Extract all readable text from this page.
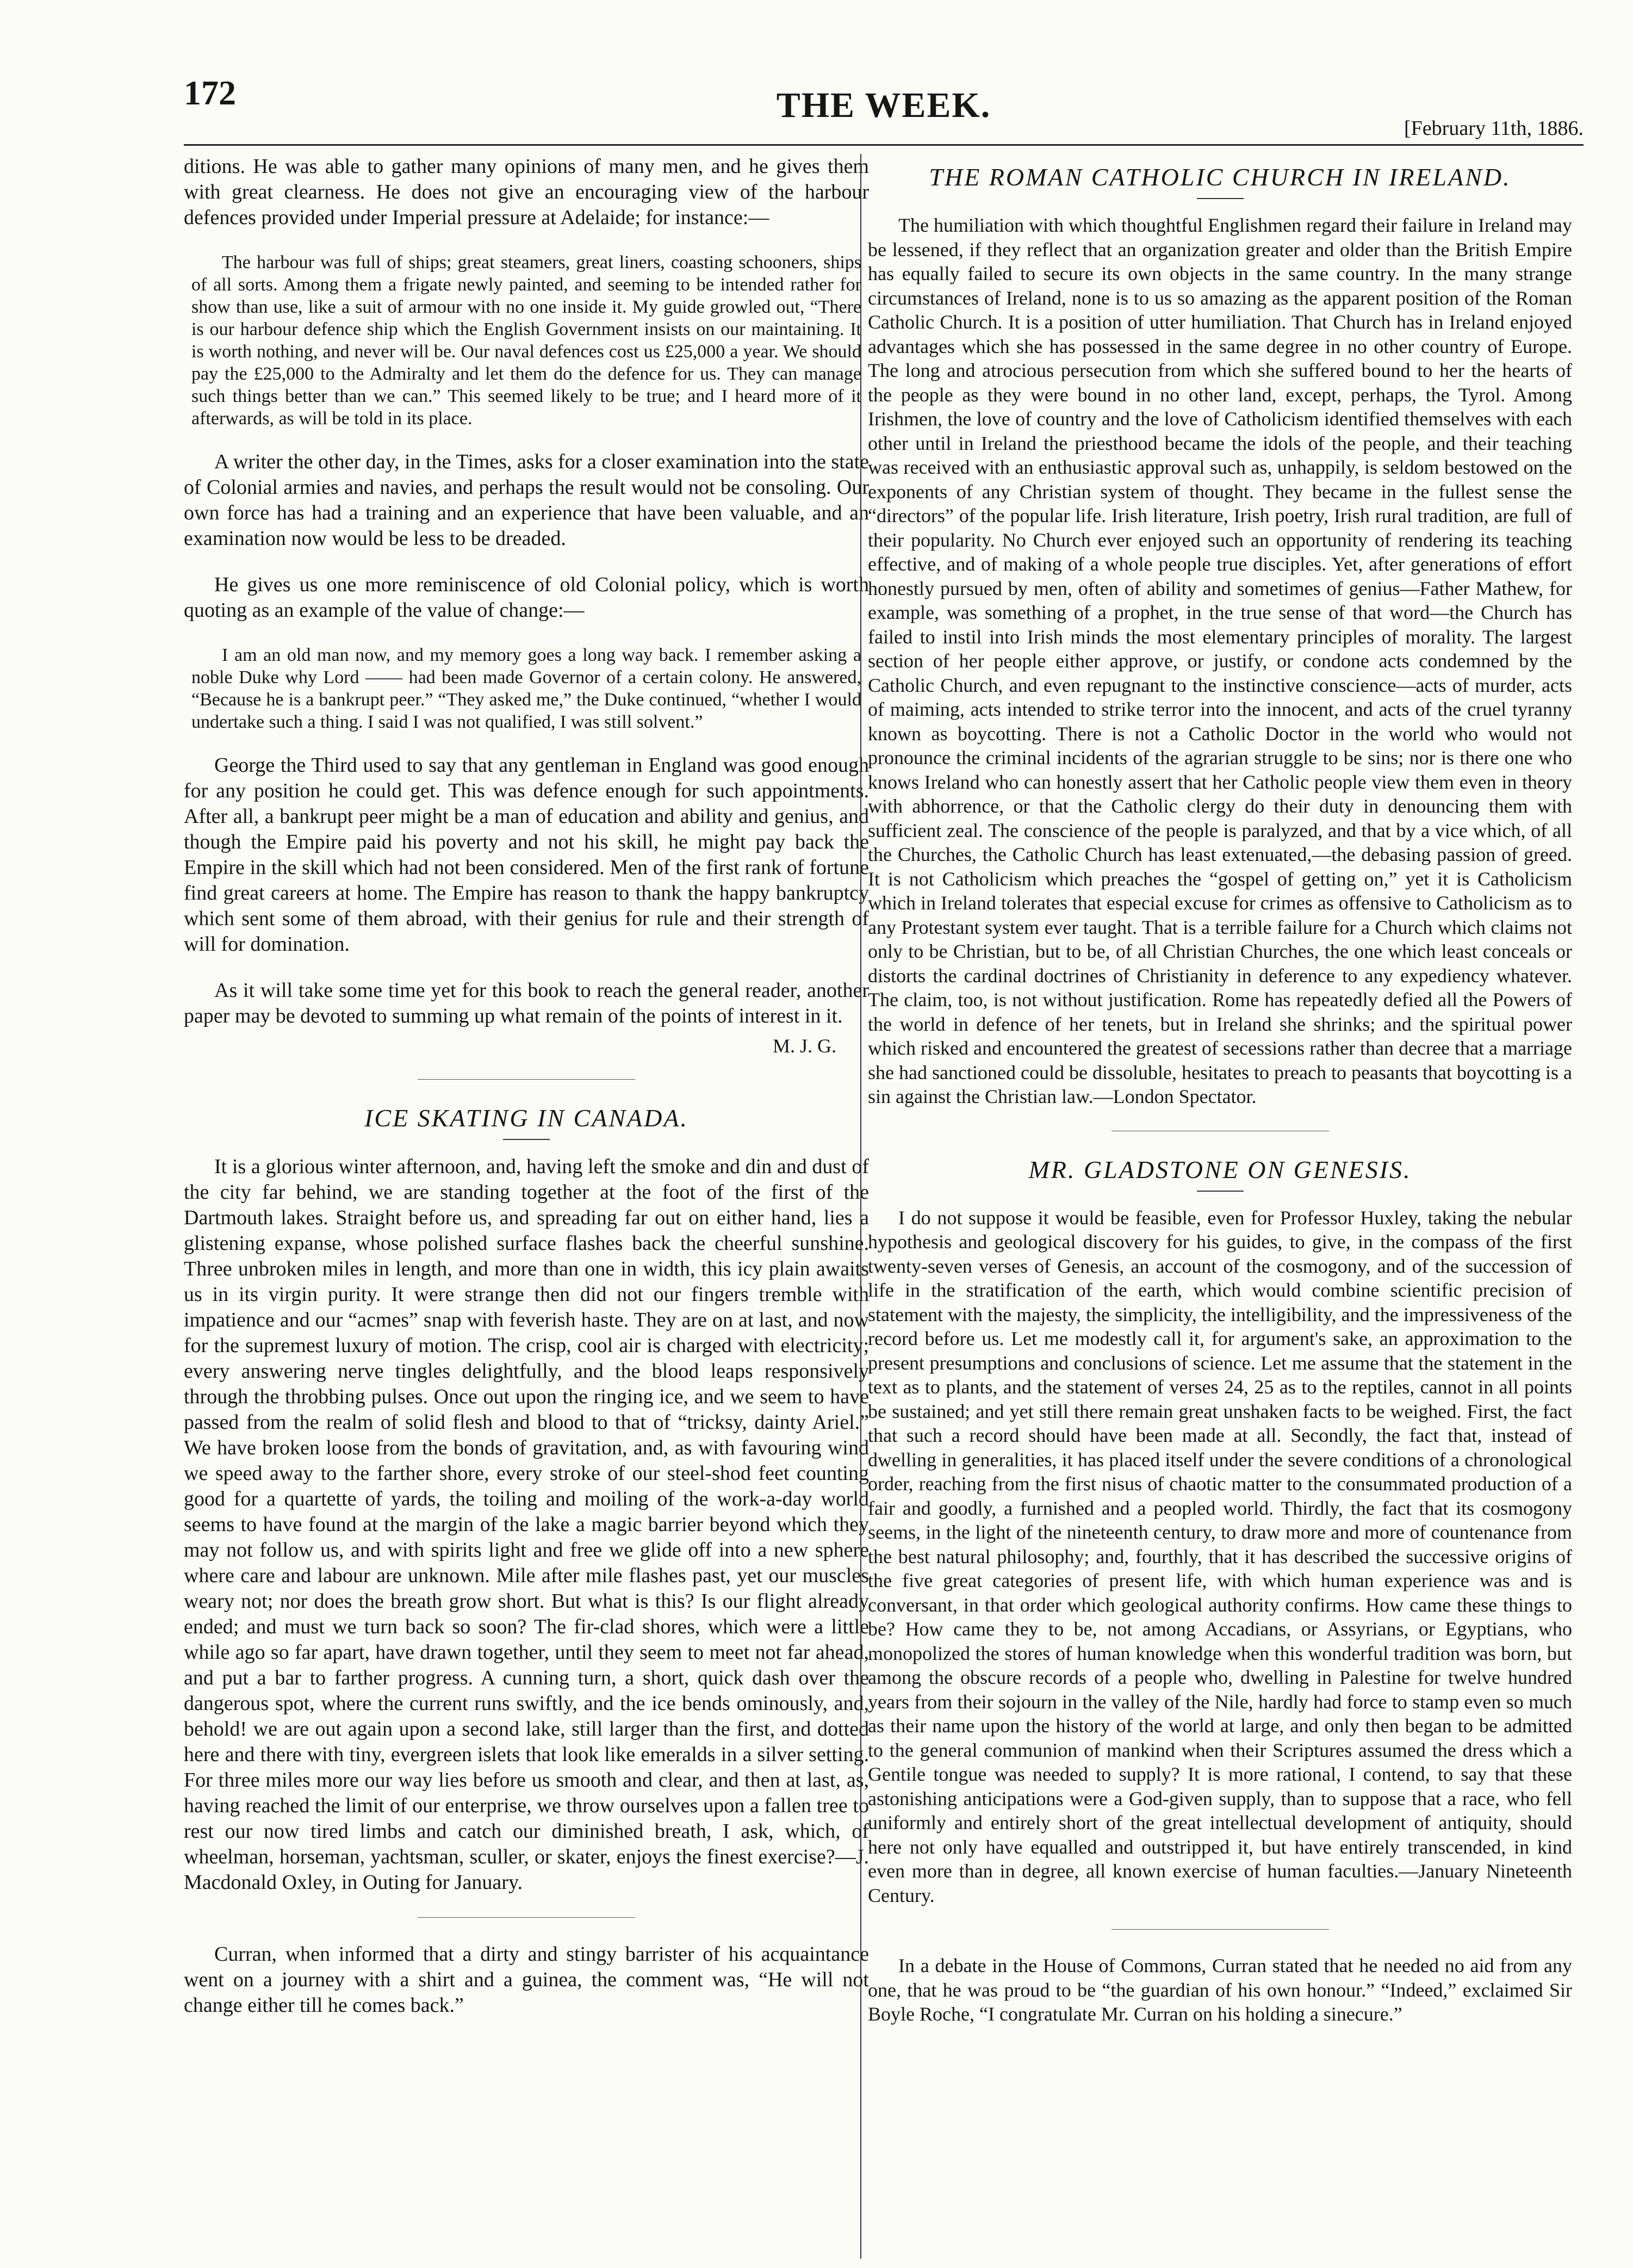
172	THE WEEK.
[February 11th, 1886.

ditions. He was able to gather many opinions of many men, and he gives them with great clearness. He does not give an encouraging view of the harbour defences provided under Imperial pressure at Adelaide; for instance:—

The harbour was full of ships; great steamers, great liners, coasting schooners, ships of all sorts. Among them a frigate newly painted, and seeming to be intended rather for show than use, like a suit of armour with no one inside it. My guide growled out, “There is our harbour defence ship which the English Government insists on our maintaining. It is worth nothing, and never will be. Our naval defences cost us £25,000 a year. We should pay the £25,000 to the Admiralty and let them do the defence for us. They can manage such things better than we can.” This seemed likely to be true; and I heard more of it afterwards, as will be told in its place.

A writer the other day, in the Times, asks for a closer examination into the state of Colonial armies and navies, and perhaps the result would not be consoling. Our own force has had a training and an experience that have been valuable, and an examination now would be less to be dreaded.

He gives us one more reminiscence of old Colonial policy, which is worth quoting as an example of the value of change:—

I am an old man now, and my memory goes a long way back. I remember asking a noble Duke why Lord —— had been made Governor of a certain colony. He answered, “Because he is a bankrupt peer.” “They asked me,” the Duke continued, “whether I would undertake such a thing. I said I was not qualified, I was still solvent.”

George the Third used to say that any gentleman in England was good enough for any position he could get. This was defence enough for such appointments. After all, a bankrupt peer might be a man of education and ability and genius, and though the Empire paid his poverty and not his skill, he might pay back the Empire in the skill which had not been considered. Men of the first rank of fortune find great careers at home. The Empire has reason to thank the happy bankruptcy which sent some of them abroad, with their genius for rule and their strength of will for domination.

As it will take some time yet for this book to reach the general reader, another paper may be devoted to summing up what remain of the points of interest in it.

M. J. G.
ICE SKATING IN CANADA.

It is a glorious winter afternoon, and, having left the smoke and din and dust of the city far behind, we are standing together at the foot of the first of the Dartmouth lakes. Straight before us, and spreading far out on either hand, lies a glistening expanse, whose polished surface flashes back the cheerful sunshine. Three unbroken miles in length, and more than one in width, this icy plain awaits us in its virgin purity. It were strange then did not our fingers tremble with impatience and our “acmes” snap with feverish haste. They are on at last, and now for the supremest luxury of motion. The crisp, cool air is charged with electricity; every answering nerve tingles delightfully, and the blood leaps responsively through the throbbing pulses. Once out upon the ringing ice, and we seem to have passed from the realm of solid flesh and blood to that of “tricksy, dainty Ariel.” We have broken loose from the bonds of gravitation, and, as with favouring wind we speed away to the farther shore, every stroke of our steel-shod feet counting good for a quartette of yards, the toiling and moiling of the work-a-day world seems to have found at the margin of the lake a magic barrier beyond which they may not follow us, and with spirits light and free we glide off into a new sphere where care and labour are unknown. Mile after mile flashes past, yet our muscles weary not; nor does the breath grow short. But what is this? Is our flight already ended; and must we turn back so soon? The fir-clad shores, which were a little while ago so far apart, have drawn together, until they seem to meet not far ahead, and put a bar to farther progress. A cunning turn, a short, quick dash over the dangerous spot, where the current runs swiftly, and the ice bends ominously, and, behold! we are out again upon a second lake, still larger than the first, and dotted here and there with tiny, evergreen islets that look like emeralds in a silver setting. For three miles more our way lies before us smooth and clear, and then at last, as, having reached the limit of our enterprise, we throw ourselves upon a fallen tree to rest our now tired limbs and catch our diminished breath, I ask, which, of wheelman, horseman, yachtsman, sculler, or skater, enjoys the finest exercise?—J. Macdonald Oxley, in Outing for January.

Curran, when informed that a dirty and stingy barrister of his acquaintance went on a journey with a shirt and a guinea, the comment was, “He will not change either till he comes back.”

THE ROMAN CATHOLIC CHURCH IN IRELAND.

The humiliation with which thoughtful Englishmen regard their failure in Ireland may be lessened, if they reflect that an organization greater and older than the British Empire has equally failed to secure its own objects in the same country. In the many strange circumstances of Ireland, none is to us so amazing as the apparent position of the Roman Catholic Church. It is a position of utter humiliation. That Church has in Ireland enjoyed advantages which she has possessed in the same degree in no other country of Europe. The long and atrocious persecution from which she suffered bound to her the hearts of the people as they were bound in no other land, except, perhaps, the Tyrol. Among Irishmen, the love of country and the love of Catholicism identified themselves with each other until in Ireland the priesthood became the idols of the people, and their teaching was received with an enthusiastic approval such as, unhappily, is seldom bestowed on the exponents of any Christian system of thought. They became in the fullest sense the “directors” of the popular life. Irish literature, Irish poetry, Irish rural tradition, are full of their popularity. No Church ever enjoyed such an opportunity of rendering its teaching effective, and of making of a whole people true disciples. Yet, after generations of effort honestly pursued by men, often of ability and sometimes of genius—Father Mathew, for example, was something of a prophet, in the true sense of that word—the Church has failed to instil into Irish minds the most elementary principles of morality. The largest section of her people either approve, or justify, or condone acts condemned by the Catholic Church, and even repugnant to the instinctive conscience—acts of murder, acts of maiming, acts intended to strike terror into the innocent, and acts of the cruel tyranny known as boycotting. There is not a Catholic Doctor in the world who would not pronounce the criminal incidents of the agrarian struggle to be sins; nor is there one who knows Ireland who can honestly assert that her Catholic people view them even in theory with abhorrence, or that the Catholic clergy do their duty in denouncing them with sufficient zeal. The conscience of the people is paralyzed, and that by a vice which, of all the Churches, the Catholic Church has least extenuated,—the debasing passion of greed. It is not Catholicism which preaches the “gospel of getting on,” yet it is Catholicism which in Ireland tolerates that especial excuse for crimes as offensive to Catholicism as to any Protestant system ever taught. That is a terrible failure for a Church which claims not only to be Christian, but to be, of all Christian Churches, the one which least conceals or distorts the cardinal doctrines of Christianity in deference to any expediency whatever. The claim, too, is not without justification. Rome has repeatedly defied all the Powers of the world in defence of her tenets, but in Ireland she shrinks; and the spiritual power which risked and encountered the greatest of secessions rather than decree that a marriage she had sanctioned could be dissoluble, hesitates to preach to peasants that boycotting is a sin against the Christian law.—London Spectator.

MR. GLADSTONE ON GENESIS.

I do not suppose it would be feasible, even for Professor Huxley, taking the nebular hypothesis and geological discovery for his guides, to give, in the compass of the first twenty-seven verses of Genesis, an account of the cosmogony, and of the succession of life in the stratification of the earth, which would combine scientific precision of statement with the majesty, the simplicity, the intelligibility, and the impressiveness of the record before us. Let me modestly call it, for argument's sake, an approximation to the present presumptions and conclusions of science. Let me assume that the statement in the text as to plants, and the statement of verses 24, 25 as to the reptiles, cannot in all points be sustained; and yet still there remain great unshaken facts to be weighed. First, the fact that such a record should have been made at all. Secondly, the fact that, instead of dwelling in generalities, it has placed itself under the severe conditions of a chronological order, reaching from the first nisus of chaotic matter to the consummated production of a fair and goodly, a furnished and a peopled world. Thirdly, the fact that its cosmogony seems, in the light of the nineteenth century, to draw more and more of countenance from the best natural philosophy; and, fourthly, that it has described the successive origins of the five great categories of present life, with which human experience was and is conversant, in that order which geological authority confirms. How came these things to be? How came they to be, not among Accadians, or Assyrians, or Egyptians, who monopolized the stores of human knowledge when this wonderful tradition was born, but among the obscure records of a people who, dwelling in Palestine for twelve hundred years from their sojourn in the valley of the Nile, hardly had force to stamp even so much as their name upon the history of the world at large, and only then began to be admitted to the general communion of mankind when their Scriptures assumed the dress which a Gentile tongue was needed to supply? It is more rational, I contend, to say that these astonishing anticipations were a God-given supply, than to suppose that a race, who fell uniformly and entirely short of the great intellectual development of antiquity, should here not only have equalled and outstripped it, but have entirely transcended, in kind even more than in degree, all known exercise of human faculties.—January Nineteenth Century.

In a debate in the House of Commons, Curran stated that he needed no aid from any one, that he was proud to be “the guardian of his own honour.” “Indeed,” exclaimed Sir Boyle Roche, “I congratulate Mr. Curran on his holding a sinecure.”
